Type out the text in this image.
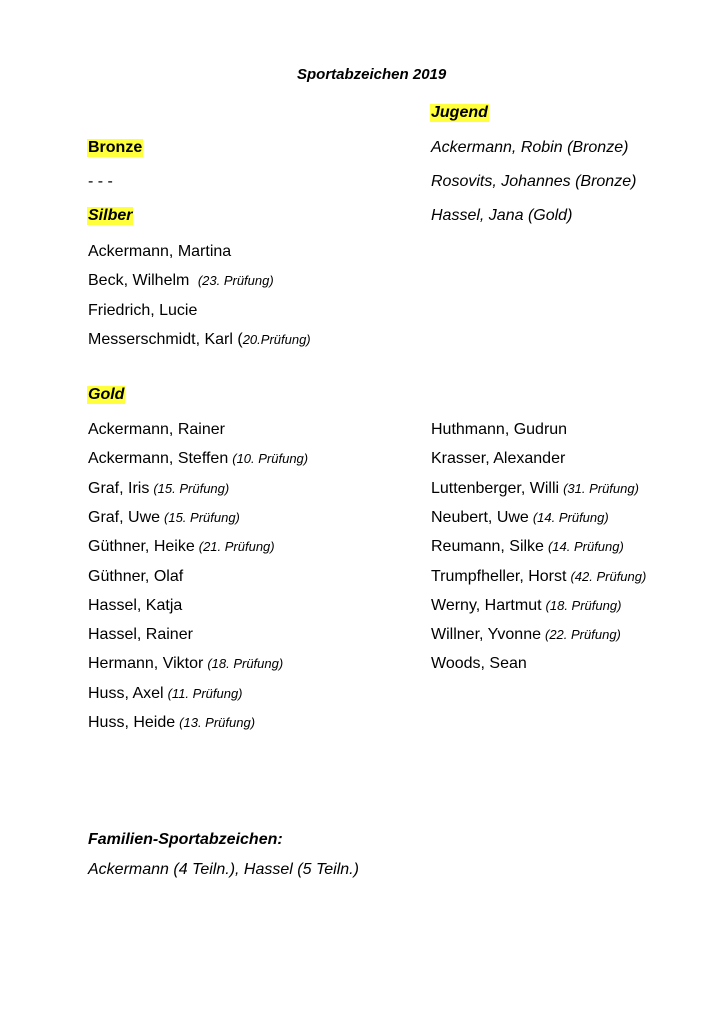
Sportabzeichen 2019
Bronze
- - -
Silber
Ackermann, Martina
Beck, Wilhelm (23. Prüfung)
Friedrich, Lucie
Messerschmidt, Karl (20.Prüfung)
Jugend
Ackermann, Robin (Bronze)
Rosovits, Johannes (Bronze)
Hassel, Jana (Gold)
Gold
Ackermann, Rainer
Ackermann, Steffen (10. Prüfung)
Graf, Iris (15. Prüfung)
Graf, Uwe (15. Prüfung)
Güthner, Heike (21. Prüfung)
Güthner, Olaf
Hassel, Katja
Hassel, Rainer
Hermann, Viktor (18. Prüfung)
Huss, Axel (11. Prüfung)
Huss, Heide (13. Prüfung)
Huthmann, Gudrun
Krasser, Alexander
Luttenberger, Willi (31. Prüfung)
Neubert, Uwe (14. Prüfung)
Reumann, Silke (14. Prüfung)
Trumpfheller, Horst (42. Prüfung)
Werny, Hartmut (18. Prüfung)
Willner, Yvonne (22. Prüfung)
Woods, Sean
Familien-Sportabzeichen:
Ackermann (4 Teiln.), Hassel (5 Teiln.)
